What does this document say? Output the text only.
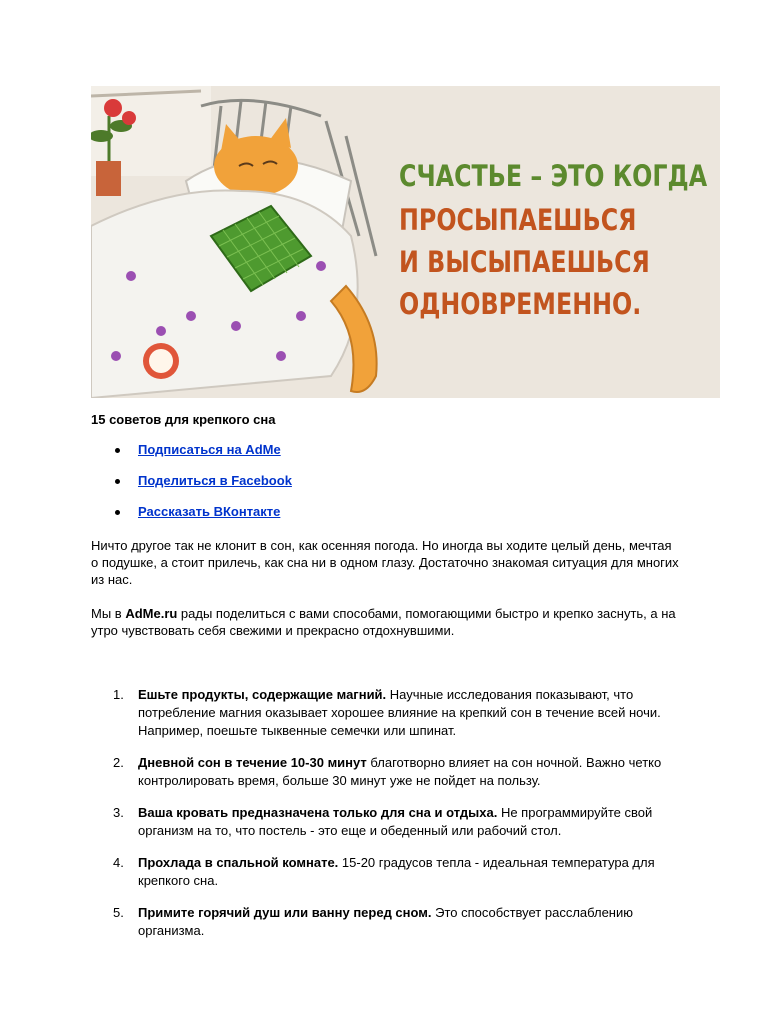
СЧАСТЬЕ – ЭТО КОГДА
ПРОСЫПАЕШЬСЯ
И ВЫСЫПАЕШЬСЯ
ОДНОВРЕМЕННО.
15 советов для крепкого сна
Подписаться на AdMe
Поделиться в Facebook
Рассказать ВКонтакте
Ничто другое так не клонит в сон, как осенняя погода. Но иногда вы ходите целый день, мечтая о подушке, а стоит прилечь, как сна ни в одном глазу. Достаточно знакомая ситуация для многих из нас.
Мы в AdMe.ru рады поделиться с вами способами, помогающими быстро и крепко заснуть, а на утро чувствовать себя свежими и прекрасно отдохнувшими.
1. Ешьте продукты, содержащие магний. Научные исследования показывают, что потребление магния оказывает хорошее влияние на крепкий сон в течение всей ночи. Например, поешьте тыквенные семечки или шпинат.
2. Дневной сон в течение 10-30 минут благотворно влияет на сон ночной. Важно четко контролировать время, больше 30 минут уже не пойдет на пользу.
3. Ваша кровать предназначена только для сна и отдыха. Не программируйте свой организм на то, что постель - это еще и обеденный или рабочий стол.
4. Прохлада в спальной комнате. 15-20 градусов тепла - идеальная температура для крепкого сна.
5. Примите горячий душ или ванну перед сном. Это способствует расслаблению организма.
